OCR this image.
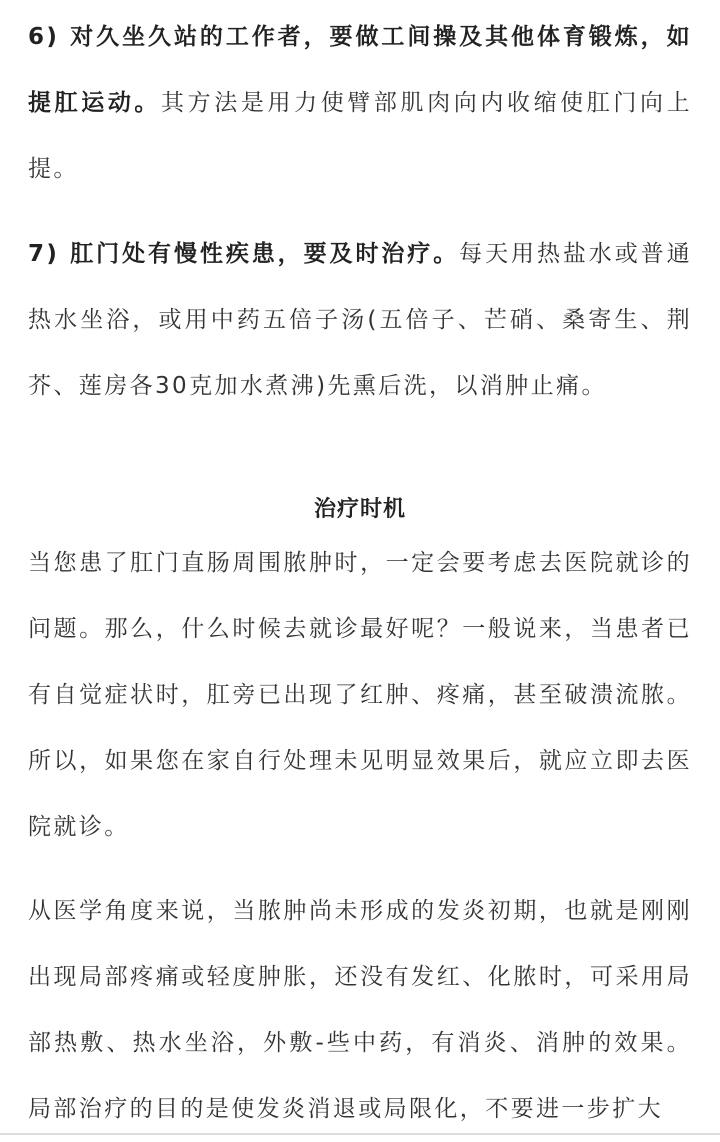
6) 对久坐久站的工作者，要做工间操及其他体育锻炼，如提肛运动。其方法是用力使臂部肌肉向内收缩使肛门向上提。

7) 肛门处有慢性疾患，要及时治疗。每天用热盐水或普通热水坐浴，或用中药五倍子汤(五倍子、芒硝、桑寄生、荆芥、莲房各30克加水煮沸)先熏后洗，以消肿止痛。

治疗时机

当您患了肛门直肠周围脓肿时，一定会要考虑去医院就诊的问题。那么，什么时候去就诊最好呢？一般说来，当患者已有自觉症状时，肛旁已出现了红肿、疼痛，甚至破溃流脓。所以，如果您在家自行处理未见明显效果后，就应立即去医院就诊。

从医学角度来说，当脓肿尚未形成的发炎初期，也就是刚刚出现局部疼痛或轻度肿胀，还没有发红、化脓时，可采用局部热敷、热水坐浴，外敷-些中药，有消炎、消肿的效果。局部治疗的目的是使发炎消退或局限化，不要进一步扩大
